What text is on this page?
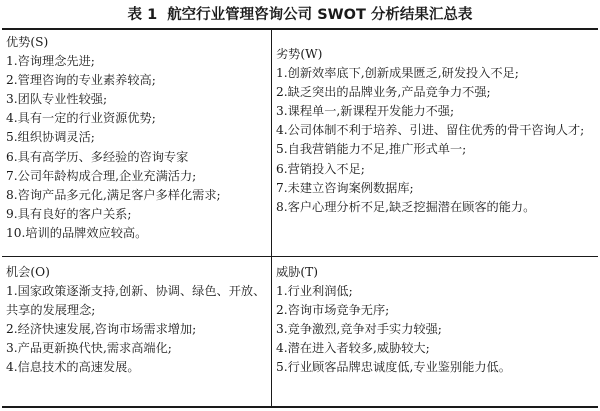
表 1 航空行业管理咨询公司 SWOT 分析结果汇总表
优势(S)
1.咨询理念先进;
2.管理咨询的专业素养较高;
3.团队专业性较强;
4.具有一定的行业资源优势;
5.组织协调灵活;
6.具有高学历、多经验的咨询专家
7.公司年龄构成合理,企业充满活力;
8.咨询产品多元化,满足客户多样化需求;
9.具有良好的客户关系;
10.培训的品牌效应较高。
劣势(W)
1.创新效率底下,创新成果匮乏,研发投入不足;
2.缺乏突出的品牌业务,产品竞争力不强;
3.课程单一,新课程开发能力不强;
4.公司体制不利于培养、引进、留住优秀的骨干咨询人才;
5.自我营销能力不足,推广形式单一;
6.营销投入不足;
7.未建立咨询案例数据库;
8.客户心理分析不足,缺乏挖掘潜在顾客的能力。
机会(O)
1.国家政策逐渐支持,创新、协调、绿色、开放、共享的发展理念;
2.经济快速发展,咨询市场需求增加;
3.产品更新换代快,需求高端化;
4.信息技术的高速发展。
威胁(T)
1.行业利润低;
2.咨询市场竞争无序;
3.竞争激烈,竞争对手实力较强;
4.潜在进入者较多,威胁较大;
5.行业顾客品牌忠诚度低,专业鉴别能力低。
